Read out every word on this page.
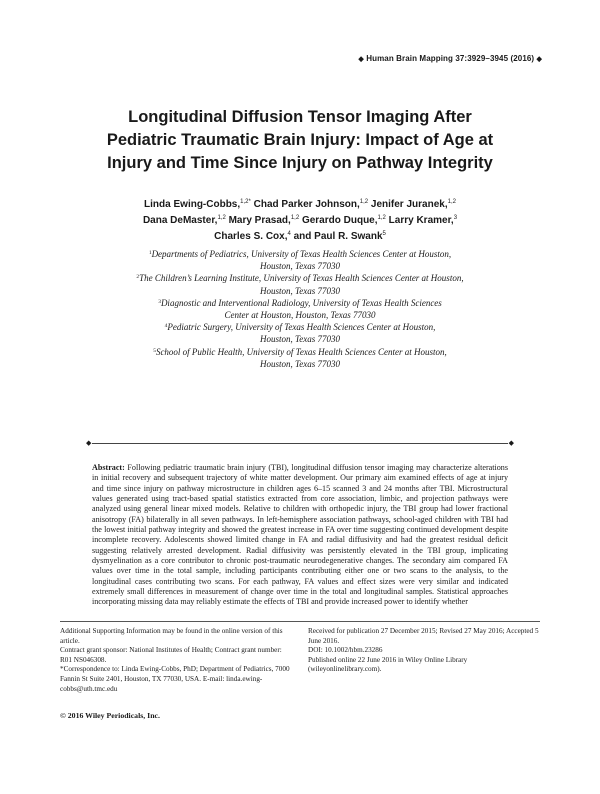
◆ Human Brain Mapping 37:3929–3945 (2016) ◆
Longitudinal Diffusion Tensor Imaging After
Pediatric Traumatic Brain Injury: Impact of Age at
Injury and Time Since Injury on Pathway Integrity
Linda Ewing-Cobbs,$^{1,2*}$ Chad Parker Johnson,$^{1,2}$ Jenifer Juranek,$^{1,2}$
Dana DeMaster,$^{1,2}$ Mary Prasad,$^{1,2}$ Gerardo Duque,$^{1,2}$ Larry Kramer,$^3$
Charles S. Cox,$^4$ and Paul R. Swank$^5$
$^1$Departments of Pediatrics, University of Texas Health Sciences Center at Houston,
Houston, Texas 77030
$^2$The Children’s Learning Institute, University of Texas Health Sciences Center at Houston,
Houston, Texas 77030
$^3$Diagnostic and Interventional Radiology, University of Texas Health Sciences
Center at Houston, Houston, Texas 77030
$^4$Pediatric Surgery, University of Texas Health Sciences Center at Houston,
Houston, Texas 77030
$^5$School of Public Health, University of Texas Health Sciences Center at Houston,
Houston, Texas 77030
◆	◆

Abstract: Following pediatric traumatic brain injury (TBI), longitudinal diffusion tensor imaging may characterize alterations in initial recovery and subsequent trajectory of white matter development. Our primary aim examined effects of age at injury and time since injury on pathway microstructure in children ages 6–15 scanned 3 and 24 months after TBI. Microstructural values generated using tract-based spatial statistics extracted from core association, limbic, and projection pathways were analyzed using general linear mixed models. Relative to children with orthopedic injury, the TBI group had lower fractional anisotropy (FA) bilaterally in all seven pathways. In left-hemisphere association pathways, school-aged children with TBI had the lowest initial pathway integrity and showed the greatest increase in FA over time suggesting continued development despite incomplete recovery. Adolescents showed limited change in FA and radial diffusivity and had the greatest residual deficit suggesting relatively arrested development. Radial diffusivity was persistently elevated in the TBI group, implicating dysmyelination as a core contributor to chronic post-traumatic neurodegenerative changes. The secondary aim compared FA values over time in the total sample, including participants contributing either one or two scans to the analysis, to the longitudinal cases contributing two scans. For each pathway, FA values and effect sizes were very similar and indicated extremely small differences in measurement of change over time in the total and longitudinal samples. Statistical approaches incorporating missing data may reliably estimate the effects of TBI and provide increased power to identify whether

Additional Supporting Information may be found in the online version of this article.

Contract grant sponsor: National Institutes of Health; Contract grant number: R01 NS046308.

*Correspondence to: Linda Ewing-Cobbs, PhD; Department of Pediatrics, 7000 Fannin St Suite 2401, Houston, TX 77030, USA. E-mail: linda.ewing-cobbs@uth.tmc.edu

Received for publication 27 December 2015; Revised 27 May 2016; Accepted 5 June 2016.

DOI: 10.1002/hbm.23286

Published online 22 June 2016 in Wiley Online Library (wileyonlinelibrary.com).

© 2016 Wiley Periodicals, Inc.
